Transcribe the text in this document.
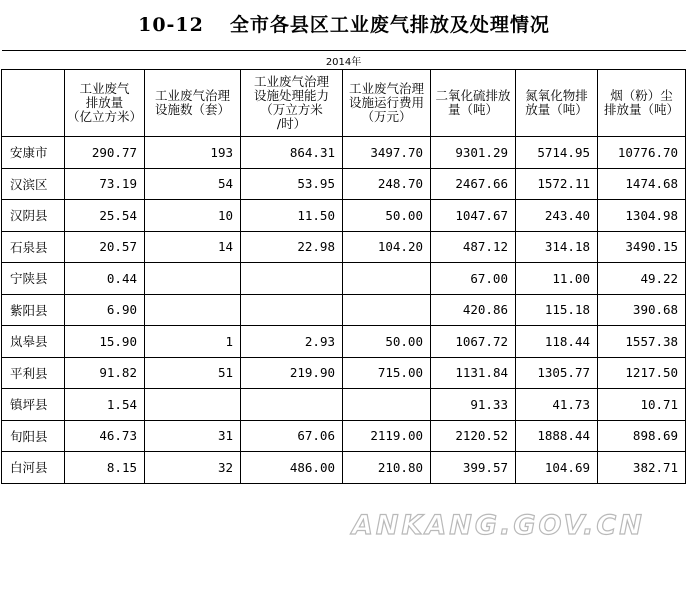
10-12 全市各县区工业废气排放及处理情况
2014年							

	工业废气
排放量
（亿立方米）	工业废气治理
设施数（套）	工业废气治理
设施处理能力
（万立方米
/时）	工业废气治理
设施运行费用
（万元）	二氧化硫排放
量（吨）	氮氧化物排
放量（吨）	烟（粉）尘
排放量（吨）

安康市	290.77	193	864.31	3497.70	9301.29	5714.95	10776.70
汉滨区	73.19	54	53.95	248.70	2467.66	1572.11	1474.68
汉阴县	25.54	10	11.50	50.00	1047.67	243.40	1304.98
石泉县	20.57	14	22.98	104.20	487.12	314.18	3490.15
宁陕县	0.44				67.00	11.00	49.22
紫阳县	6.90				420.86	115.18	390.68
岚皋县	15.90	1	2.93	50.00	1067.72	118.44	1557.38
平利县	91.82	51	219.90	715.00	1131.84	1305.77	1217.50
镇坪县	1.54				91.33	41.73	10.71
旬阳县	46.73	31	67.06	2119.00	2120.52	1888.44	898.69
白河县	8.15	32	486.00	210.80	399.57	104.69	382.71
ANKANG.GOV.CN
